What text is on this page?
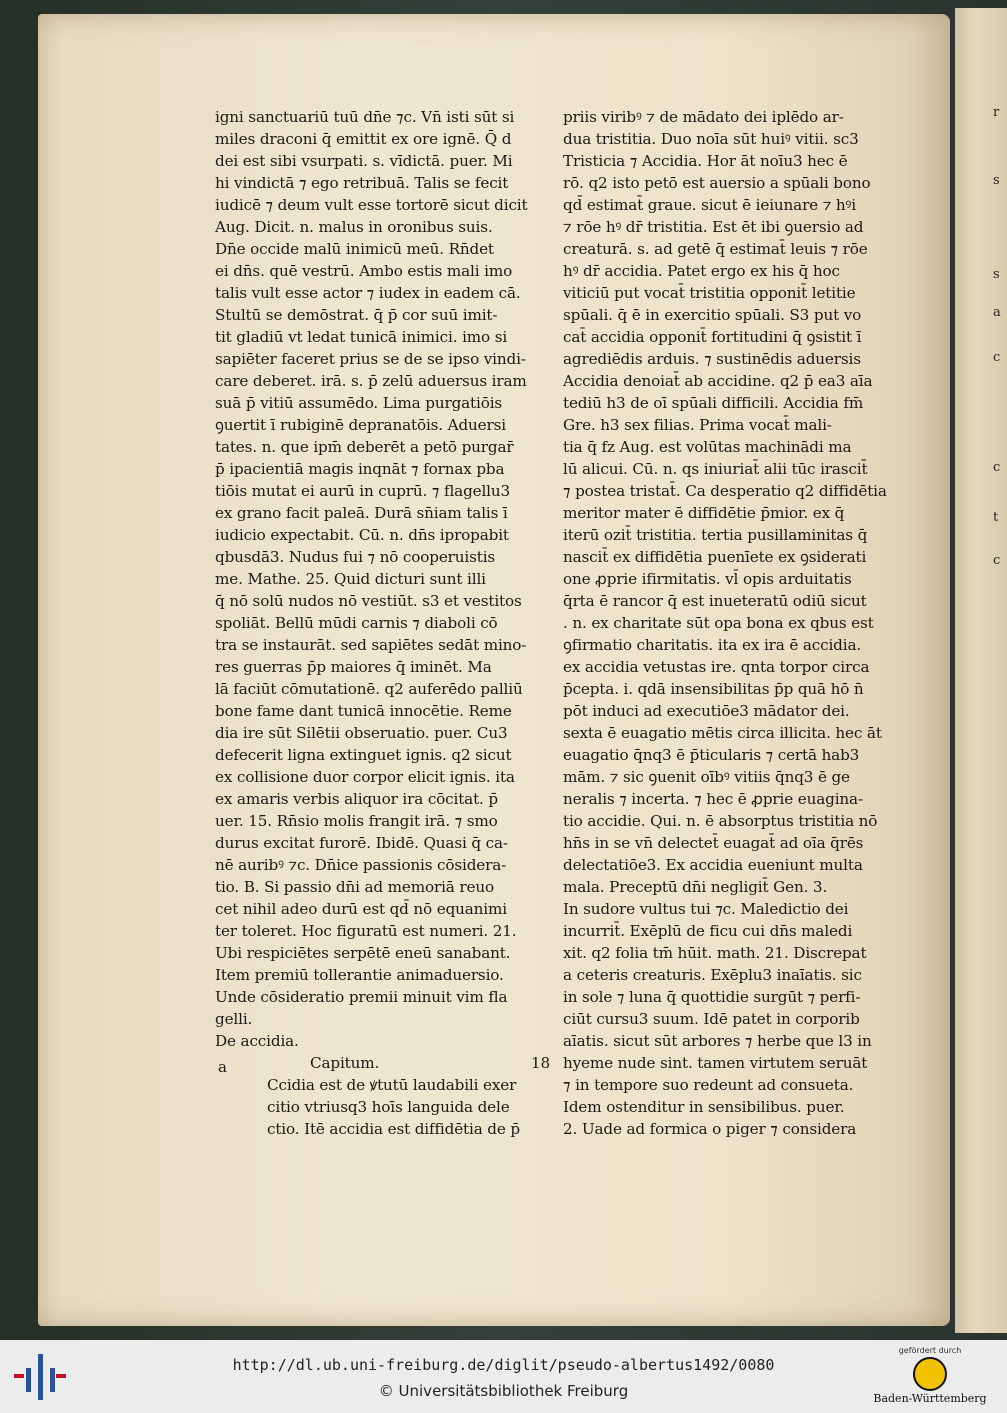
r
s
s
a
c
c
t
c
igni sanctuariū tuū dn̄e ⁊c. Vn̄ isti sūt si
miles draconi q̄ emittit ex ore ignē. Q̄ d
dei est sibi vsurpati. s. vīdictā. puer. Mi
hi vindictā ⁊ ego retribuā. Talis se fecit
iudicē ⁊ deum vult esse tortorē sicut dicit
Aug. Dicit. n. malus in oronibus suis.
Dn̄e occide malū inimicū meū. Rn̄det
ei dn̄s. quē vestrū. Ambo estis mali imo
talis vult esse actor ⁊ iudex in eadem cā.
Stultū se demōstrat. q̄ p̄ cor suū imit-
tit gladiū vt ledat tunicā inimici. imo si
sapiēter faceret prius se de se ipso vindi-
care deberet. irā. s. p̄ zelū aduersus iram
suā p̄ vitiū assumēdo. Lima purgatiōis
ꝯuertit ī rubiginē depranatōis. Aduersi
tates. n. que ipm̄ deberēt a petō purgar̄
p̄ ipacientiā magis inqnāt ⁊ fornax pba
tiōis mutat ei aurū in cuprū. ⁊ flagellu3
ex grano facit paleā. Durā sn̄iam talis ī
iudicio expectabit. Cū. n. dn̄s ipropabit
qbusdā3. Nudus fui ⁊ nō cooperuistis
me. Mathe. 25. Quid dicturi sunt illi
q̄ nō solū nudos nō vestiūt. s3 et vestitos
spoliāt. Bellū mūdi carnis ⁊ diaboli cō
tra se instaurāt. sed sapiētes sedāt mino-
res guerras p̄p maiores q̄ iminēt. Ma
lā faciūt cōmutationē. q2 auferēdo palliū
bone fame dant tunicā innocētie. Reme
dia ire sūt Silētii obseruatio. puer. Cu3
defecerit ligna extinguet ignis. q2 sicut
ex collisione duor corpor elicit ignis. ita
ex amaris verbis aliquor ira cōcitat. p̄
uer. 15. Rn̄sio molis frangit irā. ⁊ smo
durus excitat furorē. Ibidē. Quasi q̄ ca-
nē auribꝰ ⁊c. Dn̄ice passionis cōsidera-
tio. B. Si passio dn̄i ad memoriā reuo
cet nihil adeo durū est qd̄ nō equanimi
ter toleret. Hoc figuratū est numeri. 21.
Ubi respiciētes serpētē eneū sanabant.
Item premiū tollerantie animaduersio.
Unde cōsideratio premii minuit vim fla
gelli.
De accidia.
Capitum.	18
Ccidia est de ꝟtutū laudabili exer
citio vtriusq3 hoīs languida dele
ctio. Itē accidia est diffidētia de p̄
priis viribꝰ ⁊ de mādato dei iplēdo ar-
dua tristitia. Duo noīa sūt huiꝰ vitii. sc3
Tristicia ⁊ Accidia. Hor āt noīu3 hec ē
rō. q2 isto petō est auersio a spūali bono
qd̄ estimat̄ graue. sicut ē ieiunare ⁊ hꝰi
⁊ rōe hꝰ dr̄ tristitia. Est ēt ibi ꝯuersio ad
creaturā. s. ad getē q̄ estimat̄ leuis ⁊ rōe
hꝰ dr̄ accidia. Patet ergo ex his q̄ hoc
viticiū put vocat̄ tristitia opponit̄ letitie
spūali. q̄ ē in exercitio spūali. S3 put vo
cat̄ accidia opponit̄ fortitudini q̄ ꝯsistit ī
agrediēdis arduis. ⁊ sustinēdis aduersis
Accidia denoiat̄ ab accidine. q2 p̄ ea3 aīa
tediū h3 de oī spūali difficili. Accidia fm̄
Gre. h3 sex filias. Prima vocat̄ mali-
tia q̄ fz Aug. est volūtas machinādi ma
lū alicui. Cū. n. qs iniuriat̄ alii tūc irascit̄
⁊ postea tristat̄. Ca desperatio q2 diffidētia
meritor mater ē diffidētie p̄mior. ex q̄
iterū ozit̄ tristitia. tertia pusillaminitas q̄
nascit̄ ex diffidētia puenīete ex ꝯsiderati
one ꝓprie ifirmitatis. vl̄ opis arduitatis
q̄rta ē rancor q̄ est inueteratū odiū sicut
. n. ex charitate sūt opa bona ex qbus est
ꝯfirmatio charitatis. ita ex ira ē accidia.
ex accidia vetustas ire. qnta torpor circa
p̄cepta. i. qdā insensibilitas p̄p quā hō n̄
pōt induci ad executiōe3 mādator dei.
sexta ē euagatio mētis circa illicita. hec āt
euagatio q̄nq3 ē p̄ticularis ⁊ certā hab3
mām. ⁊ sic ꝯuenit oībꝰ vitiis q̄nq3 ē ge
neralis ⁊ incerta. ⁊ hec ē ꝓprie euagina-
tio accidie. Qui. n. ē absorptus tristitia nō
hn̄s in se vn̄ delectet̄ euagat̄ ad oīa q̄rēs
delectatiōe3. Ex accidia eueniunt multa
mala. Preceptū dn̄i negligit̄ Gen. 3.
In sudore vultus tui ⁊c. Maledictio dei
incurrit̄. Exēplū de ficu cui dn̄s maledi
xit. q2 folia tm̄ hūit. math. 21. Discrepat
a ceteris creaturis. Exēplu3 inaīatis. sic
in sole ⁊ luna q̄ quottidie surgūt ⁊ perfi-
ciūt cursu3 suum. Idē patet in corporib
aīatis. sicut sūt arbores ⁊ herbe que l3 in
hyeme nude sint. tamen virtutem seruāt
⁊ in tempore suo redeunt ad consueta.
Idem ostenditur in sensibilibus. puer.
2. Uade ad formica o piger ⁊ considera
a
http://dl.ub.uni-freiburg.de/diglit/pseudo-albertus1492/0080
© Universitätsbibliothek Freiburg
gefördert durch
Baden-Württemberg
